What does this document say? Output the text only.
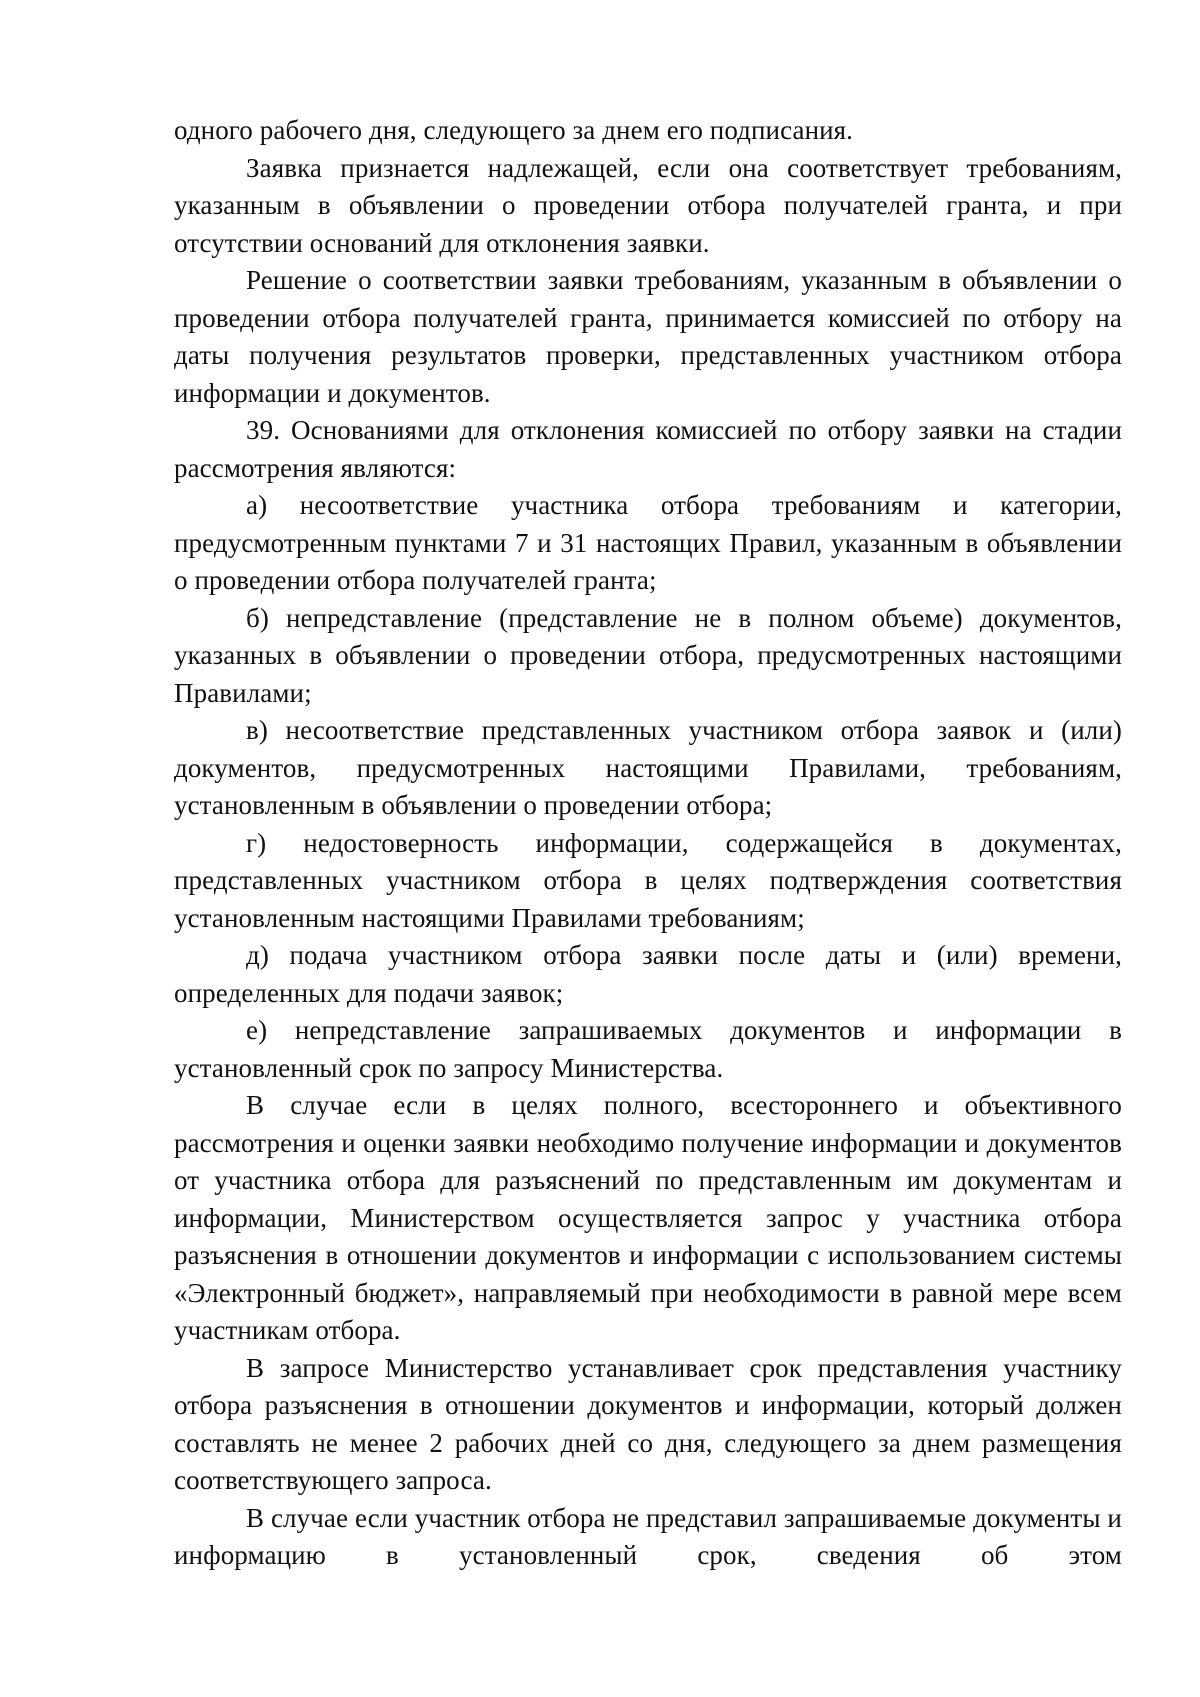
одного рабочего дня, следующего за днем его подписания.

Заявка признается надлежащей, если она соответствует требованиям, указанным в объявлении о проведении отбора получателей гранта, и при отсутствии оснований для отклонения заявки.

Решение о соответствии заявки требованиям, указанным в объявлении о проведении отбора получателей гранта, принимается комиссией по отбору на даты получения результатов проверки, представленных участником отбора информации и документов.

39. Основаниями для отклонения комиссией по отбору заявки на стадии рассмотрения являются:

а) несоответствие участника отбора требованиям и категории, предусмотренным пунктами 7 и 31 настоящих Правил, указанным в объявлении о проведении отбора получателей гранта;

б) непредставление (представление не в полном объеме) документов, указанных в объявлении о проведении отбора, предусмотренных настоящими Правилами;

в) несоответствие представленных участником отбора заявок и (или) документов, предусмотренных настоящими Правилами, требованиям, установленным в объявлении о проведении отбора;

г) недостоверность информации, содержащейся в документах, представленных участником отбора в целях подтверждения соответствия установленным настоящими Правилами требованиям;

д) подача участником отбора заявки после даты и (или) времени, определенных для подачи заявок;

е) непредставление запрашиваемых документов и информации в установленный срок по запросу Министерства.

В случае если в целях полного, всестороннего и объективного рассмотрения и оценки заявки необходимо получение информации и документов от участника отбора для разъяснений по представленным им документам и информации, Министерством осуществляется запрос у участника отбора разъяснения в отношении документов и информации с использованием системы «Электронный бюджет», направляемый при необходимости в равной мере всем участникам отбора.

В запросе Министерство устанавливает срок представления участнику отбора разъяснения в отношении документов и информации, который должен составлять не менее 2 рабочих дней со дня, следующего за днем размещения соответствующего запроса.

В случае если участник отбора не представил запрашиваемые документы и информацию в установленный срок, сведения об этом
